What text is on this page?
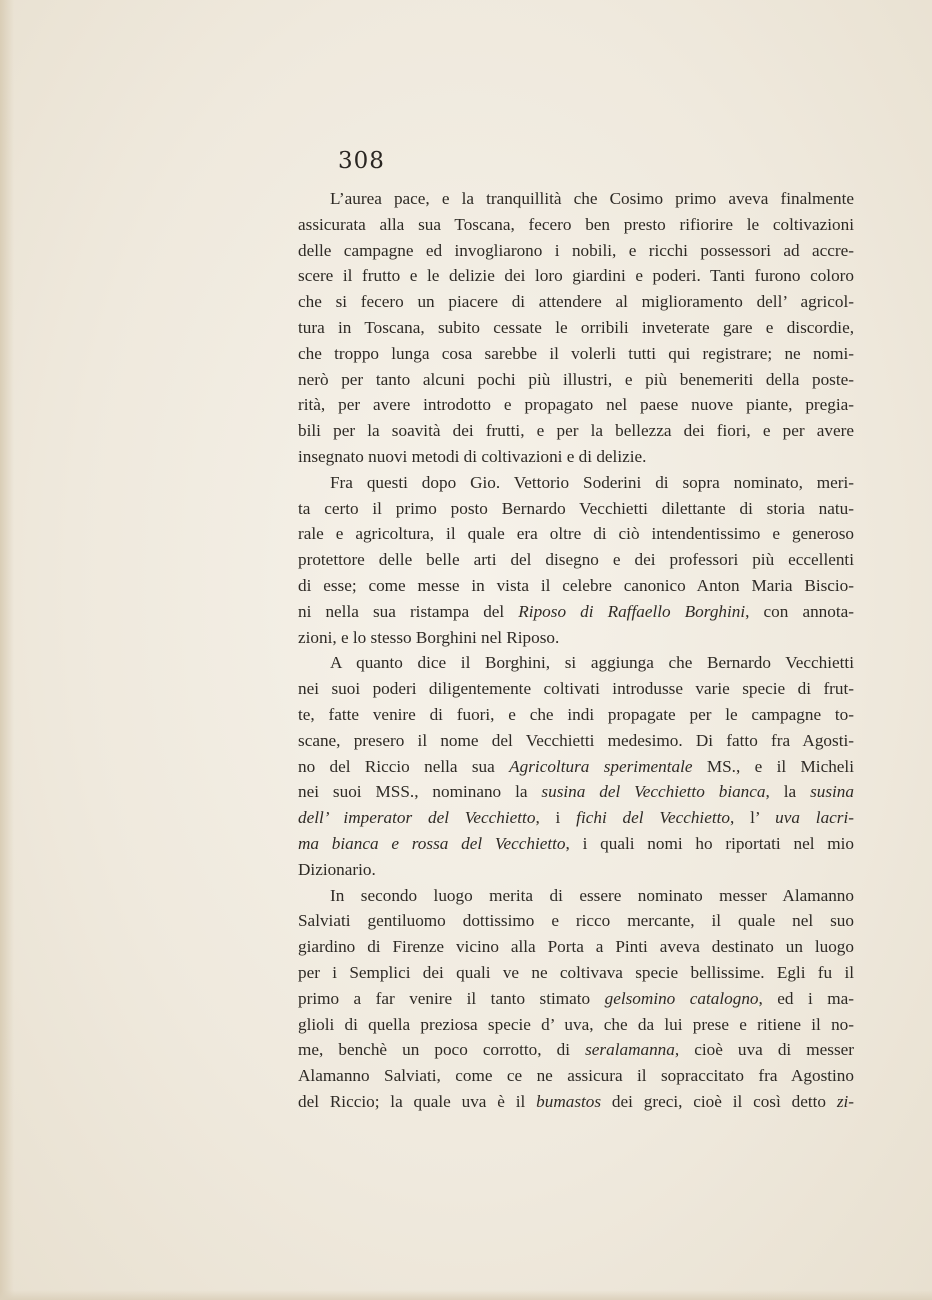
308
L’aurea pace, e la tranquillità che Cosimo primo aveva finalmente
assicurata alla sua Toscana, fecero ben presto rifiorire le coltivazioni
delle campagne ed invogliarono i nobili, e ricchi possessori ad accre-
scere il frutto e le delizie dei loro giardini e poderi. Tanti furono coloro
che si fecero un piacere di attendere al miglioramento dell’ agricol-
tura in Toscana, subito cessate le orribili inveterate gare e discordie,
che troppo lunga cosa sarebbe il volerli tutti qui registrare; ne nomi-
nerò per tanto alcuni pochi più illustri, e più benemeriti della poste-
rità, per avere introdotto e propagato nel paese nuove piante, pregia-
bili per la soavità dei frutti, e per la bellezza dei fiori, e per avere
insegnato nuovi metodi di coltivazioni e di delizie.
Fra questi dopo Gio. Vettorio Soderini di sopra nominato, meri-
ta certo il primo posto Bernardo Vecchietti dilettante di storia natu-
rale e agricoltura, il quale era oltre di ciò intendentissimo e generoso
protettore delle belle arti del disegno e dei professori più eccellenti
di esse; come messe in vista il celebre canonico Anton Maria Biscio-
ni nella sua ristampa del Riposo di Raffaello Borghini, con annota-
zioni, e lo stesso Borghini nel Riposo.
A quanto dice il Borghini, si aggiunga che Bernardo Vecchietti
nei suoi poderi diligentemente coltivati introdusse varie specie di frut-
te, fatte venire di fuori, e che indi propagate per le campagne to-
scane, presero il nome del Vecchietti medesimo. Di fatto fra Agosti-
no del Riccio nella sua Agricoltura sperimentale MS., e il Micheli
nei suoi MSS., nominano la susina del Vecchietto bianca, la susina
dell’ imperator del Vecchietto, i fichi del Vecchietto, l’ uva lacri-
ma bianca e rossa del Vecchietto, i quali nomi ho riportati nel mio
Dizionario.
In secondo luogo merita di essere nominato messer Alamanno
Salviati gentiluomo dottissimo e ricco mercante, il quale nel suo
giardino di Firenze vicino alla Porta a Pinti aveva destinato un luogo
per i Semplici dei quali ve ne coltivava specie bellissime. Egli fu il
primo a far venire il tanto stimato gelsomino catalogno, ed i ma-
glioli di quella preziosa specie d’ uva, che da lui prese e ritiene il no-
me, benchè un poco corrotto, di seralamanna, cioè uva di messer
Alamanno Salviati, come ce ne assicura il sopraccitato fra Agostino
del Riccio; la quale uva è il bumastos dei greci, cioè il così detto zi-
